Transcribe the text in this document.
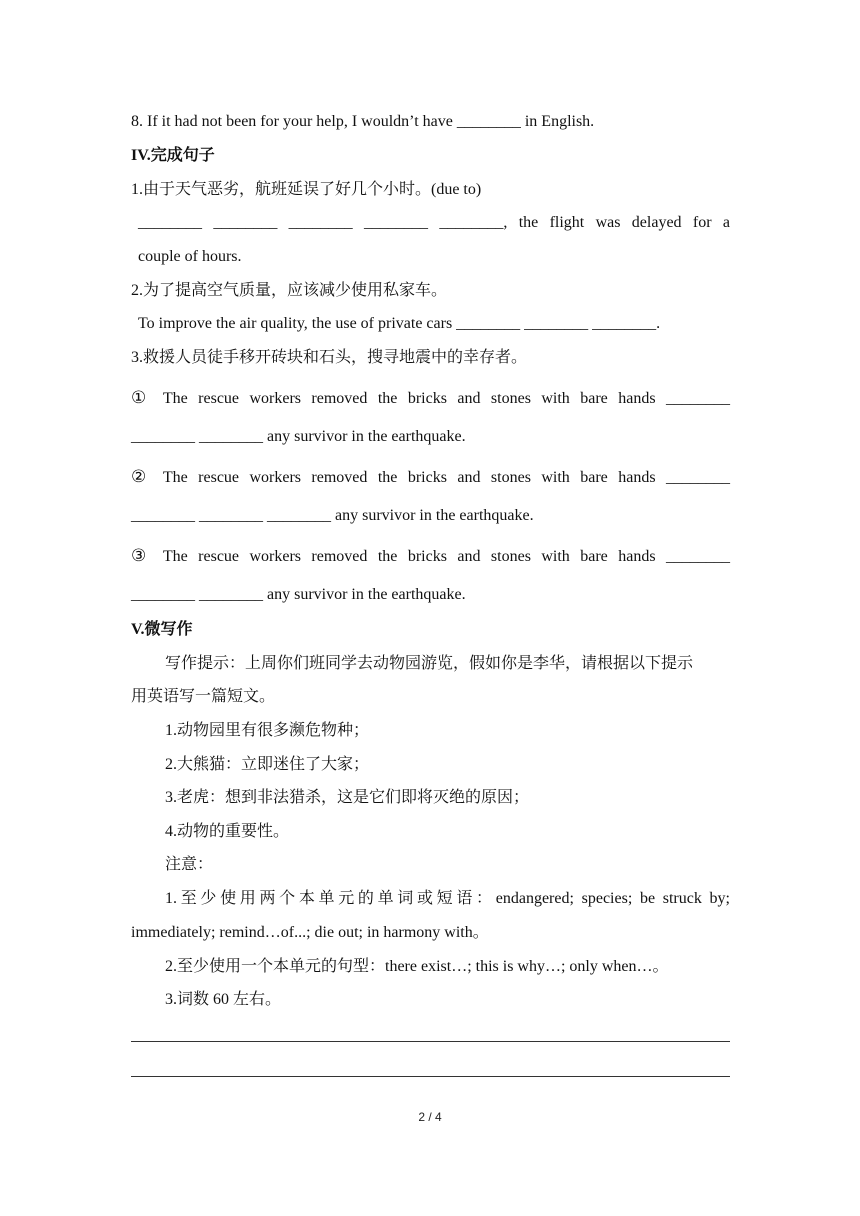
8. If it had not been for your help, I wouldn’t have ________ in English.
IV.完成句子
1.由于天气恶劣，航班延误了好几个小时。(due to)
________ ________ ________ ________ ________, the flight was delayed for a
couple of hours.
2.为了提高空气质量，应该减少使用私家车。
To improve the air quality, the use of private cars ________ ________ ________.
3.救援人员徒手移开砖块和石头，搜寻地震中的幸存者。
① The rescue workers removed the bricks and stones with bare hands ________
________ ________ any survivor in the earthquake.
② The rescue workers removed the bricks and stones with bare hands ________
________ ________ ________ any survivor in the earthquake.
③ The rescue workers removed the bricks and stones with bare hands ________
________ ________ any survivor in the earthquake.
V.微写作
写作提示：上周你们班同学去动物园游览，假如你是李华，请根据以下提示
用英语写一篇短文。
1.动物园里有很多濒危物种；
2.大熊猫：立即迷住了大家；
3.老虎：想到非法猎杀，这是它们即将灭绝的原因；
4.动物的重要性。
注意：
1.至少使用两个本单元的单词或短语：endangered; species; be struck by;
immediately; remind…of...; die out; in harmony with。
2.至少使用一个本单元的句型：there exist…; this is why…; only when…。
3.词数 60 左右。
2 / 4
